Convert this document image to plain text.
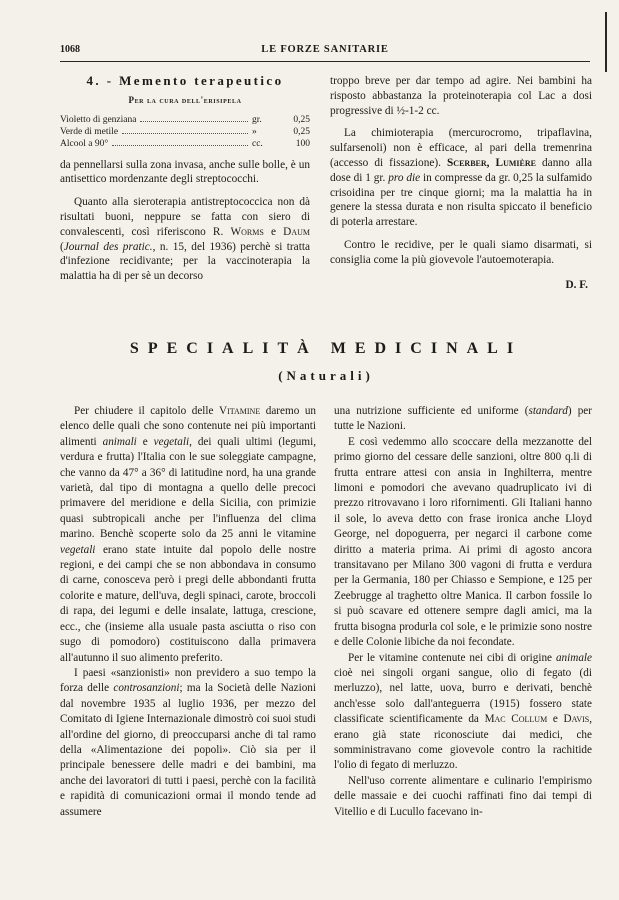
1068	LE FORZE SANITARIE
4. - Memento terapeutico
Per la cura dell'erisipela
Violetto di genziana	gr.	0,25
Verde di metile	»	0,25
Alcool a 90°	cc.	100

da pennellarsi sulla zona invasa, anche sulle bolle, è un antisettico mordenzante degli streptococchi.

Quanto alla sieroterapia antistreptococcica non dà risultati buoni, neppure se fatta con siero di convalescenti, così riferiscono R. Worms e Daum (Journal des pratic., n. 15, del 1936) perchè si tratta d'infezione recidivante; per la vaccinoterapia la malattia ha di per sè un decorso

troppo breve per dar tempo ad agire. Nei bambini ha risposto abbastanza la proteinoterapia col Lac a dosi progressive di ½-1-2 cc.

La chimioterapia (mercurocromo, tripaflavina, sulfarsenoli) non è efficace, al pari della tremenrina (accesso di fissazione). Scerber, Lumière danno alla dose di 1 gr. pro die in compresse da gr. 0,25 la sulfamido crisoidina per tre cinque giorni; ma la malattia ha in genere la stessa durata e non risulta spiccato il beneficio di poterla arrestare.

Contro le recidive, per le quali siamo disarmati, si consiglia come la più giovevole l'autoemoterapia.

D. F.
SPECIALITÀ MEDICINALI
(Naturali)

Per chiudere il capitolo delle Vitamine daremo un elenco delle quali che sono contenute nei più importanti alimenti animali e vegetali, dei quali ultimi (legumi, verdura e frutta) l'Italia con le sue soleggiate campagne, che vanno da 47° a 36° di latitudine nord, ha una grande varietà, dal tipo di montagna a quello delle precoci primavere del meridione e della Sicilia, con primizie quasi subtropicali anche per l'influenza del clima marino. Benchè scoperte solo da 25 anni le vitamine vegetali erano state intuite dal popolo delle nostre regioni, e dei campi che se non abbondava in consumo di carne, conosceva però i pregi delle abbondanti frutta colorite e mature, dell'uva, degli spinaci, carote, broccoli di rapa, dei legumi e delle insalate, lattuga, crescione, ecc., che (insieme alla usuale pasta asciutta o riso con sugo di pomodoro) costituiscono dalla primavera all'autunno il suo alimento preferito.

I paesi «sanzionisti» non previdero a suo tempo la forza delle controsanzioni; ma la Società delle Nazioni dal novembre 1935 al luglio 1936, per mezzo del Comitato di Igiene Internazionale dimostrò coi suoi studi all'ordine del giorno, di preoccuparsi anche di tal ramo della «Alimentazione dei popoli». Ciò sia per il principale benessere delle madri e dei bambini, ma anche dei lavoratori di tutti i paesi, perchè con la facilità e rapidità di comunicazioni ormai il mondo tende ad assumere

una nutrizione sufficiente ed uniforme (standard) per tutte le Nazioni.

E così vedemmo allo scoccare della mezzanotte del primo giorno del cessare delle sanzioni, oltre 800 q.li di frutta entrare attesi con ansia in Inghilterra, mentre limoni e pomodori che avevano quadruplicato ivi di prezzo ritrovavano i loro rifornimenti. Gli Italiani hanno il sole, lo aveva detto con frase ironica anche Lloyd George, nel dopoguerra, per negarci il carbone come diritto a materia prima. Ai primi di agosto ancora transitavano per Milano 300 vagoni di frutta e verdura per la Germania, 180 per Chiasso e Sempione, e 125 per Zeebrugge al traghetto oltre Manica. Il carbon fossile lo si può scavare ed ottenere sempre dagli amici, ma la frutta bisogna produrla col sole, e le primizie sono nostre e delle Colonie libiche da noi fecondate.

Per le vitamine contenute nei cibi di origine animale cioè nei singoli organi sangue, olio di fegato (di merluzzo), nel latte, uova, burro e derivati, benchè anch'esse solo dall'anteguerra (1915) fossero state classificate scientificamente da Mac Collum e Davis, erano già state riconosciute dai medici, che somministravano come giovevole contro la rachitide l'olio di fegato di merluzzo.

Nell'uso corrente alimentare e culinario l'empirismo delle massaie e dei cuochi raffinati fino dai tempi di Vitellio e di Lucullo facevano in-
